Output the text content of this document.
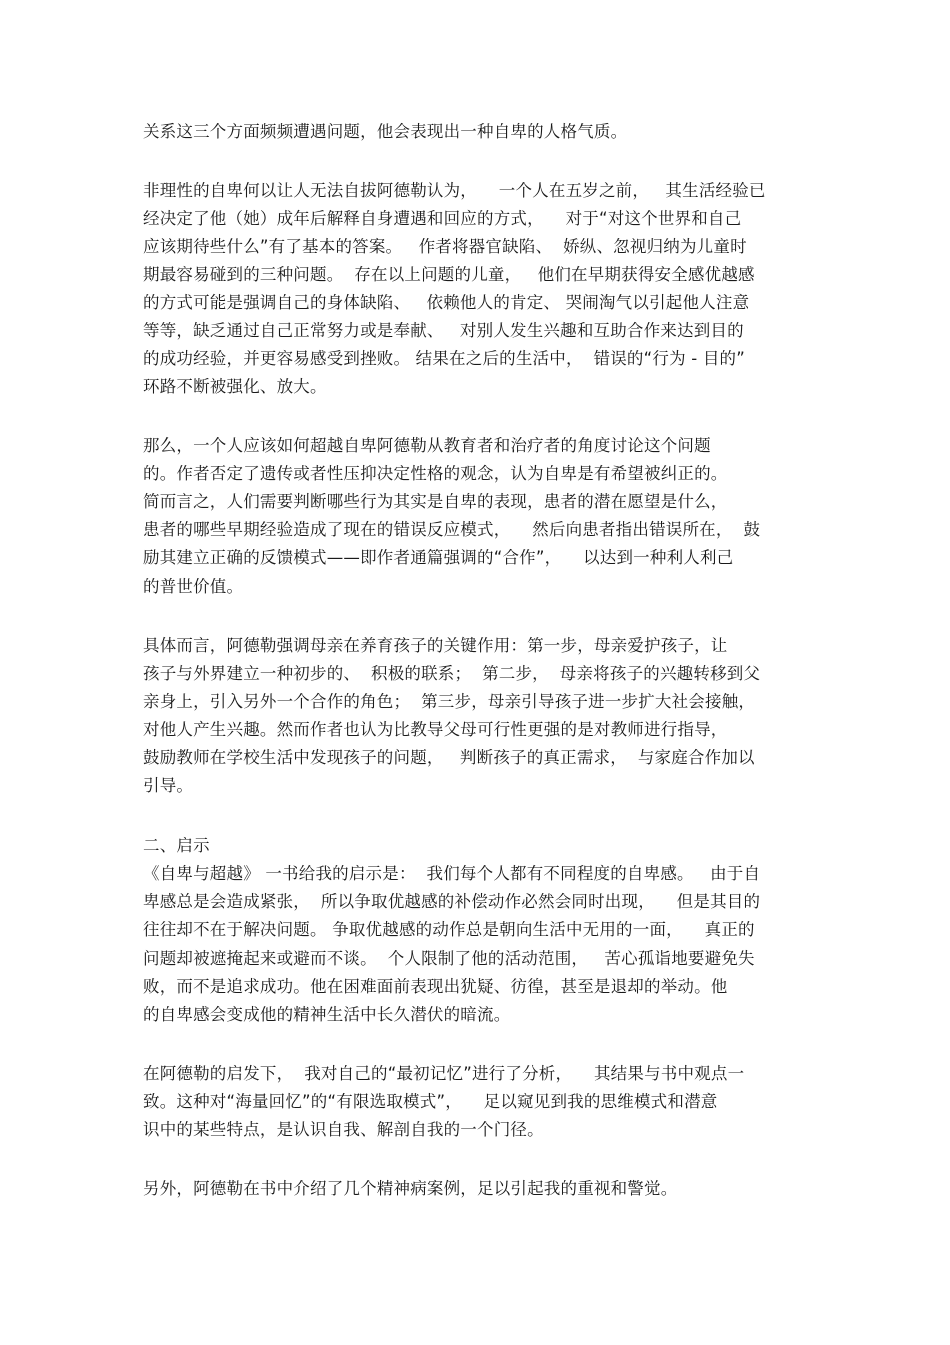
关系这三个方面频频遭遇问题，他会表现出一种自卑的人格气质。
非理性的自卑何以让人无法自拔阿德勒认为，    一个人在五岁之前，   其生活经验已
经决定了他（她）成年后解释自身遭遇和回应的方式，    对于“对这个世界和自己
应该期待些什么”有了基本的答案。   作者将器官缺陷、  娇纵、忽视归纳为儿童时
期最容易碰到的三种问题。  存在以上问题的儿童，   他们在早期获得安全感优越感
的方式可能是强调自己的身体缺陷、   依赖他人的肯定、 哭闹淘气以引起他人注意
等等，缺乏通过自己正常努力或是奉献、   对别人发生兴趣和互助合作来达到目的
的成功经验，并更容易感受到挫败。 结果在之后的生活中，  错误的“行为 - 目的”
环路不断被强化、放大。
那么，一个人应该如何超越自卑阿德勒从教育者和治疗者的角度讨论这个问题
的。作者否定了遗传或者性压抑决定性格的观念，认为自卑是有希望被纠正的。
简而言之，人们需要判断哪些行为其实是自卑的表现，患者的潜在愿望是什么，
患者的哪些早期经验造成了现在的错误反应模式，    然后向患者指出错误所在，  鼓
励其建立正确的反馈模式——即作者通篇强调的“合作”，    以达到一种利人利己
的普世价值。
具体而言，阿德勒强调母亲在养育孩子的关键作用：第一步，母亲爱护孩子，让
孩子与外界建立一种初步的、  积极的联系；  第二步，  母亲将孩子的兴趣转移到父
亲身上，引入另外一个合作的角色；  第三步，母亲引导孩子进一步扩大社会接触，
对他人产生兴趣。然而作者也认为比教导父母可行性更强的是对教师进行指导，
鼓励教师在学校生活中发现孩子的问题，   判断孩子的真正需求，  与家庭合作加以
引导。
二、启示
《自卑与超越》 一书给我的启示是：  我们每个人都有不同程度的自卑感。   由于自
卑感总是会造成紧张，  所以争取优越感的补偿动作必然会同时出现，    但是其目的
往往却不在于解决问题。 争取优越感的动作总是朝向生活中无用的一面，    真正的
问题却被遮掩起来或避而不谈。  个人限制了他的活动范围，   苦心孤诣地要避免失
败，而不是追求成功。他在困难面前表现出犹疑、彷徨，甚至是退却的举动。他
的自卑感会变成他的精神生活中长久潜伏的暗流。
在阿德勒的启发下，  我对自己的“最初记忆”进行了分析，    其结果与书中观点一
致。这种对“海量回忆”的“有限选取模式”，    足以窥见到我的思维模式和潜意
识中的某些特点，是认识自我、解剖自我的一个门径。
另外，阿德勒在书中介绍了几个精神病案例，足以引起我的重视和警觉。
